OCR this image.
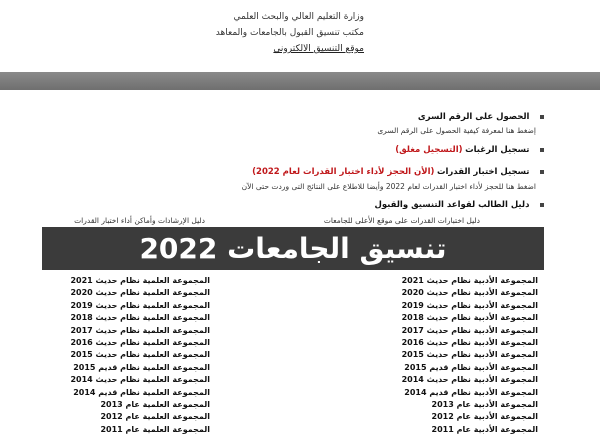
وزارة التعليم العالي والبحث العلمي
مكتب تنسيق القبول بالجامعات والمعاهد
موقع التنسيق الالكتروني
الحصول على الرقم السرى
إضغط هنا لمعرفة كيفية الحصول على الرقم السرى
تسجيل الرغبات (التسجيل مغلق)
تسجيل اختبار القدرات (الأن الحجز لأداء اختبار القدرات لعام 2022)
اضغط هنا للحجز لأداء اختبار القدرات لعام 2022 وأيضا للاطلاع على النتائج التى وردت حتى الآن
دليل الطالب لقواعد التنسيق والقبول
دليل اختبارات القدرات على موقع الأعلى للجامعات
دليل الإرشادات وأماكن أداء اختبار القدرات
تنسيق الجامعات 2022
المجموعة الأدبية نظام حديث 2021
المجموعة الأدبية نظام حديث 2020
المجموعة الأدبية نظام حديث 2019
المجموعة الأدبية نظام حديث 2018
المجموعة الأدبية نظام حديث 2017
المجموعة الأدبية نظام حديث 2016
المجموعة الأدبية نظام حديث 2015
المجموعة الأدبية نظام قديم 2015
المجموعة الأدبية نظام حديث 2014
المجموعة الأدبية نظام قديم 2014
المجموعة الأدبية عام 2013
المجموعة الأدبية عام 2012
المجموعة الأدبية عام 2011
المجموعة العلمية نظام حديث 2021
المجموعة العلمية نظام حديث 2020
المجموعة العلمية نظام حديث 2019
المجموعة العلمية نظام حديث 2018
المجموعة العلمية نظام حديث 2017
المجموعة العلمية نظام حديث 2016
المجموعة العلمية نظام حديث 2015
المجموعة العلمية نظام قديم 2015
المجموعة العلمية نظام حديث 2014
المجموعة العلمية نظام قديم 2014
المجموعة العلمية عام 2013
المجموعة العلمية عام 2012
المجموعة العلمية عام 2011
